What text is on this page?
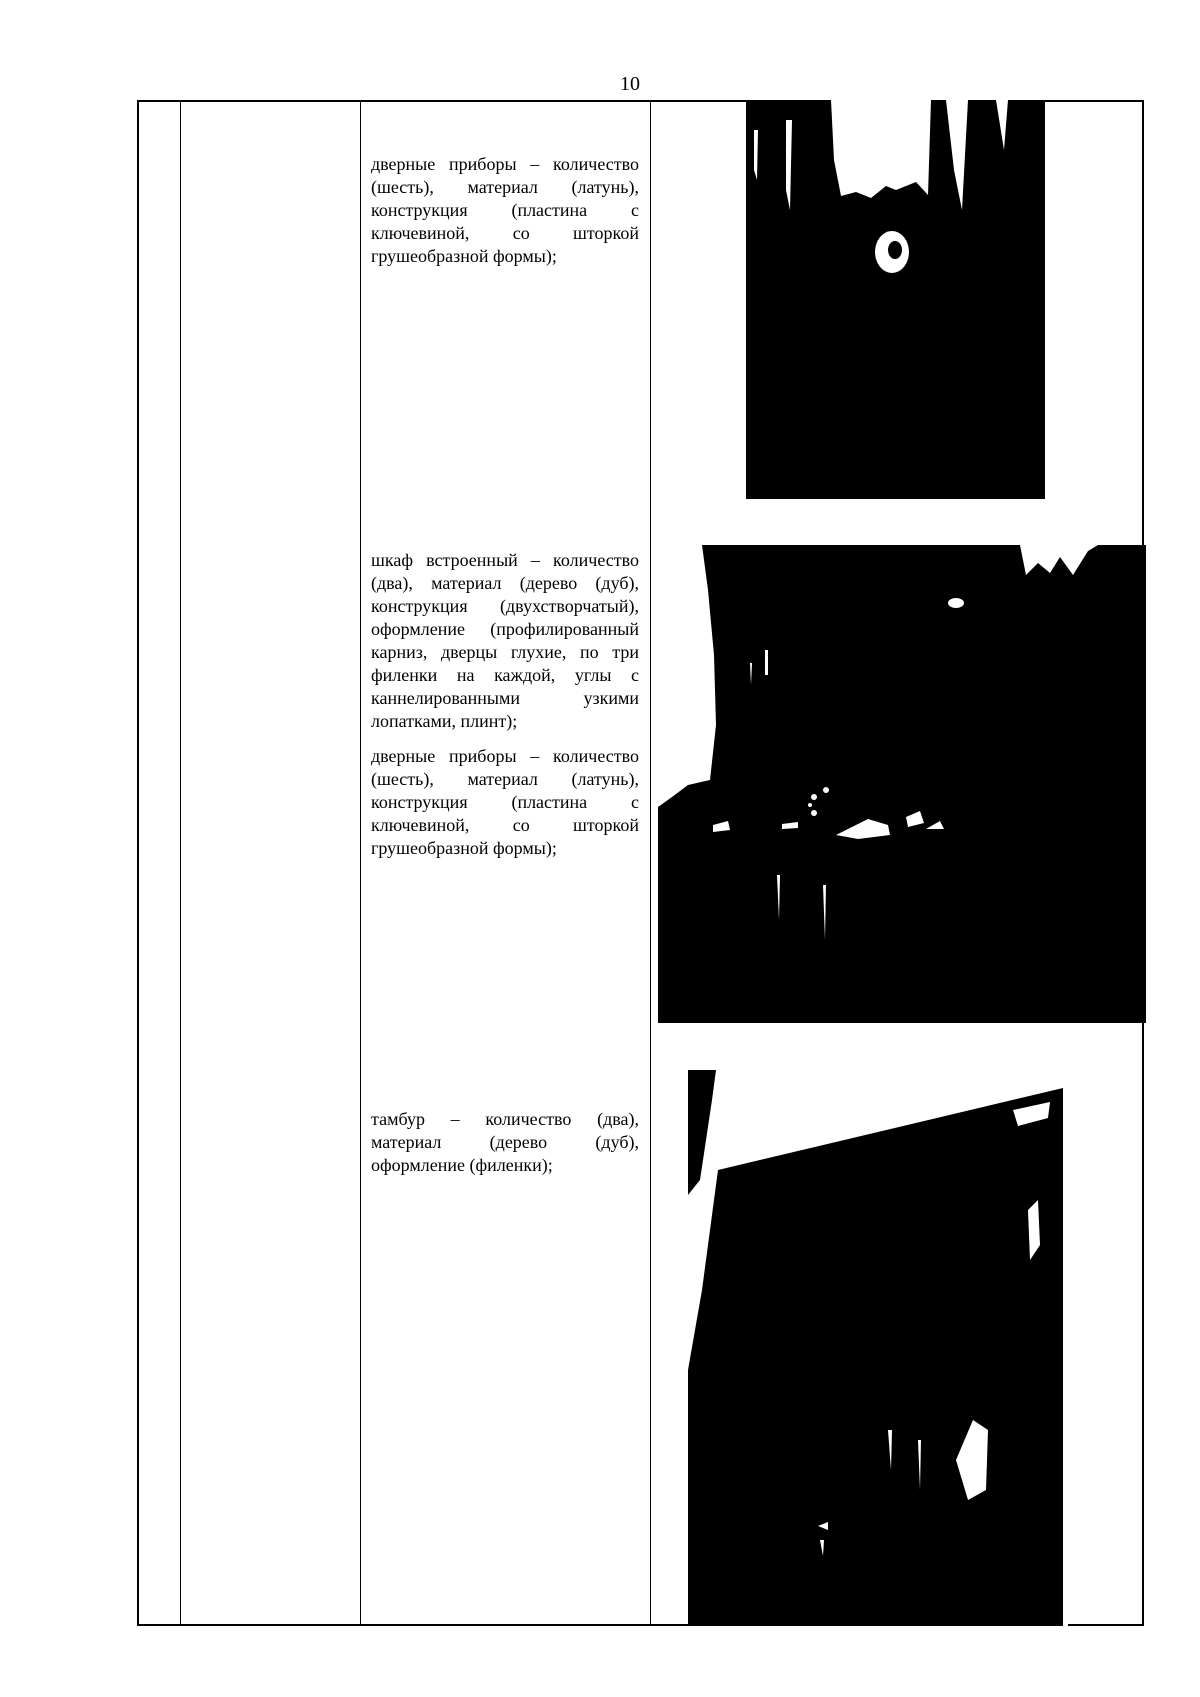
10

дверные приборы – количество (шесть), материал (латунь), конструкция (пластина с ключевиной, со шторкой грушеобразной формы);

шкаф встроенный – количество (два), материал (дерево (дуб), конструкция (двухстворчатый), оформление (профилированный карниз, дверцы глухие, по три филенки на каждой, углы с каннелированными узкими лопатками, плинт);

дверные приборы – количество (шесть), материал (латунь), конструкция (пластина с ключевиной, со шторкой грушеобразной формы);

тамбур – количество (два), материал (дерево (дуб), оформление (филенки);
